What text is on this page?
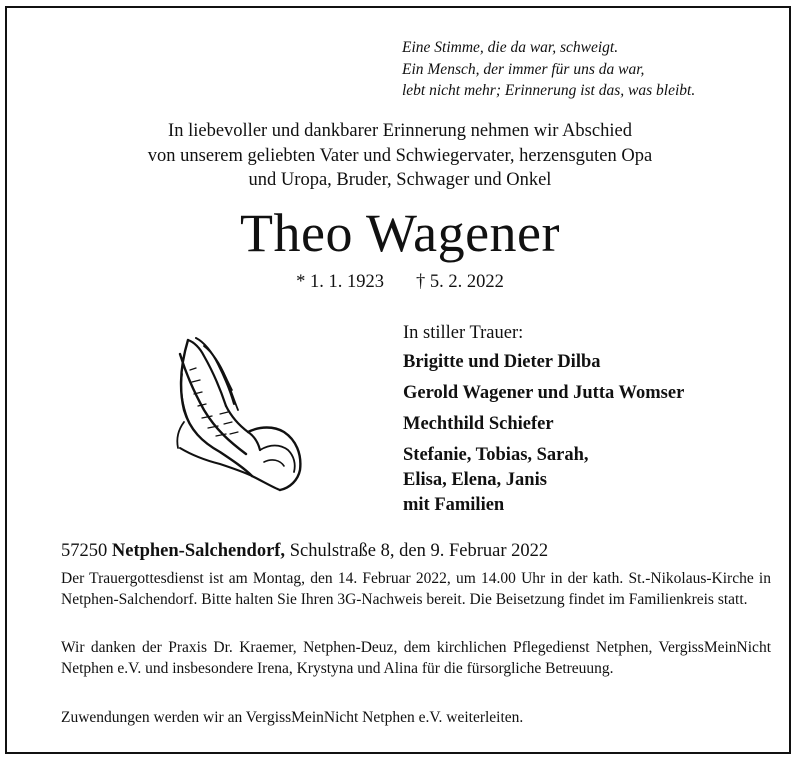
Eine Stimme, die da war, schweigt.
Ein Mensch, der immer für uns da war,
lebt nicht mehr; Erinnerung ist das, was bleibt.
In liebevoller und dankbarer Erinnerung nehmen wir Abschied
von unserem geliebten Vater und Schwiegervater, herzensguten Opa
und Uropa, Bruder, Schwager und Onkel
Theo Wagener
* 1. 1. 1923 † 5. 2. 2022
In stiller Trauer:
Brigitte und Dieter Dilba
Gerold Wagener und Jutta Womser
Mechthild Schiefer
Stefanie, Tobias, Sarah,
Elisa, Elena, Janis
mit Familien
57250 Netphen-Salchendorf, Schulstraße 8, den 9. Februar 2022

Der Trauergottesdienst ist am Montag, den 14. Februar 2022, um 14.00 Uhr in der kath. St.-Nikolaus-Kirche in Netphen-Salchendorf. Bitte halten Sie Ihren 3G-Nachweis bereit. Die Beisetzung findet im Familienkreis statt.

Wir danken der Praxis Dr. Kraemer, Netphen-Deuz, dem kirchlichen Pflegedienst Netphen, VergissMeinNicht Netphen e.V. und insbesondere Irena, Krystyna und Alina für die fürsorgliche Betreuung.

Zuwendungen werden wir an VergissMeinNicht Netphen e.V. weiterleiten.
